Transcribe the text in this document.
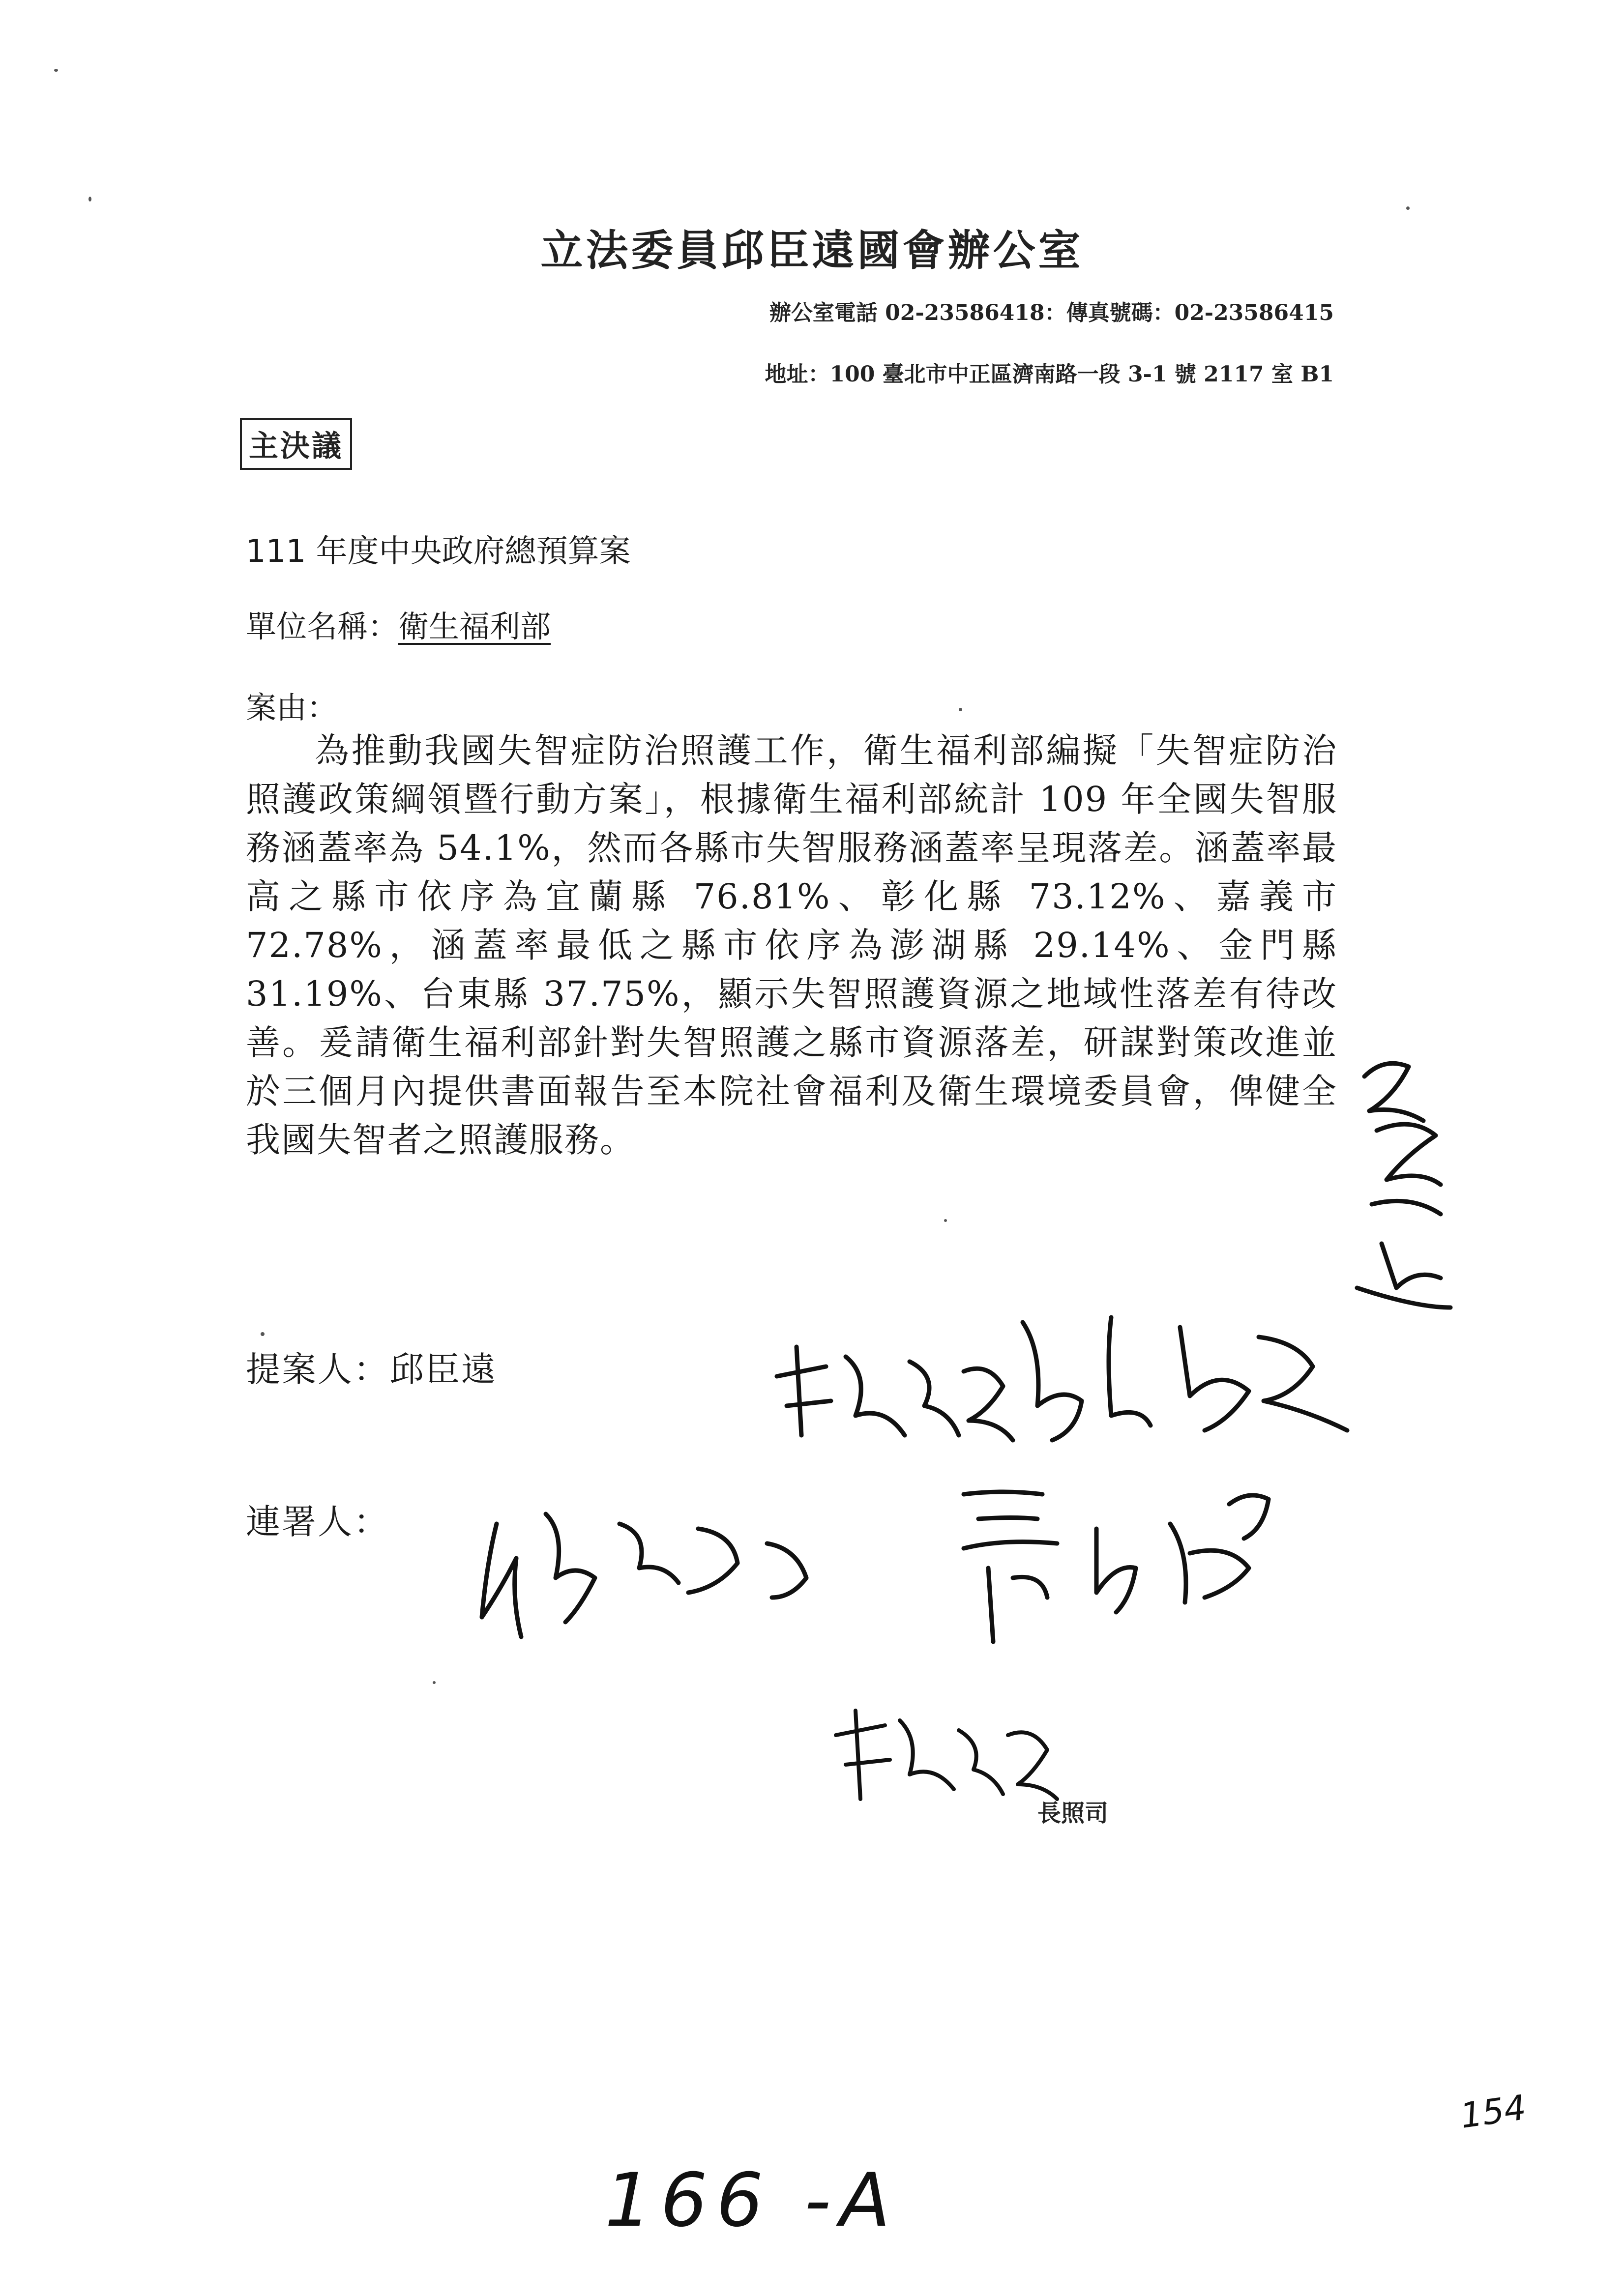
立法委員邱臣遠國會辦公室
辦公室電話 02-23586418：傳真號碼：02-23586415
地址：100 臺北市中正區濟南路一段 3-1 號 2117 室 B1
主決議
111 年度中央政府總預算案
單位名稱：衛生福利部
案由：
為推動我國失智症防治照護工作，衛生福利部編擬「失智症防治照護政策綱領暨行動方案」，根據衛生福利部統計 109 年全國失智服務涵蓋率為 54.1%，然而各縣市失智服務涵蓋率呈現落差。涵蓋率最高之縣市依序為宜蘭縣 76.81%、彰化縣 73.12%、嘉義市 72.78%，涵蓋率最低之縣市依序為澎湖縣 29.14%、金門縣 31.19%、台東縣 37.75%，顯示失智照護資源之地域性落差有待改善。爰請衛生福利部針對失智照護之縣市資源落差，研謀對策改進並於三個月內提供書面報告至本院社會福利及衛生環境委員會，俾健全我國失智者之照護服務。
提案人：邱臣遠
連署人：
長照司
154
166 -A
